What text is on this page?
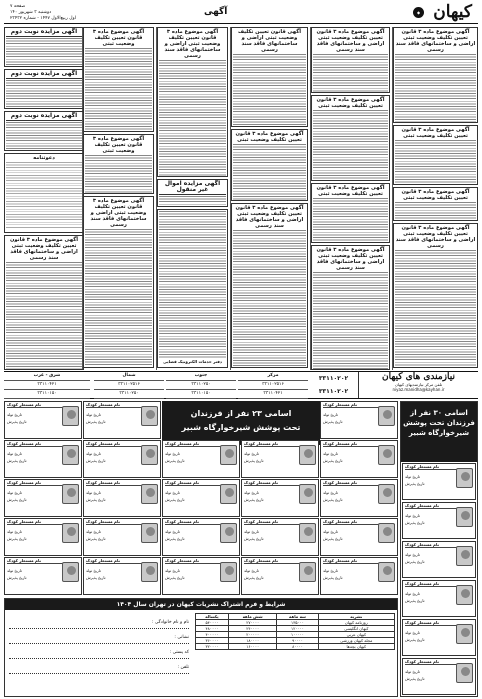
کیهان
◆
آگهی
صفحه ۷
دوشنبه ۳ شهریور ۱۴۰
اول ربیع‌الاول ۱۴۴۷ - شماره ۲۳۴۳۲
آگهی موضوع ماده ۳ قانون تعیین تکلیف وضعیت ثبتی اراضی و ساختمانهای فاقد سند رسمی
آگهی موضوع ماده ۳ قانون تعیین تکلیف وضعیت ثبتی
آگهی موضوع ماده ۳ قانون تعیین تکلیف وضعیت ثبتی
آگهی موضوع ماده ۳ قانون تعیین تکلیف وضعیت ثبتی اراضی و ساختمانهای فاقد سند رسمی
آگهی موضوع ماده ۳ قانون تعیین تکلیف وضعیت ثبتی اراضی و ساختمانهای فاقد سند رسمی
آگهی موضوع ماده ۳ قانون تعیین تکلیف وضعیت ثبتی
آگهی موضوع ماده ۳ قانون تعیین تکلیف وضعیت ثبتی
آگهی موضوع ماده ۳ قانون تعیین تکلیف وضعیت ثبتی اراضی و ساختمانهای فاقد سند رسمی
آگهی قانون تعیین تکلیف وضعیت ثبتی اراضی و ساختمانهای فاقد سند رسمی
آگهی موضوع ماده ۳ قانون تعیین تکلیف وضعیت ثبتی
آگهی موضوع ماده ۳ قانون تعیین تکلیف وضعیت ثبتی اراضی و ساختمانهای فاقد سند رسمی
آگهی موضوع ماده ۳ قانون تعیین تکلیف وضعیت ثبتی اراضی و ساختمانهای فاقد سند رسمی
آگهی مزایده اموال غیر منقول
دفتر خدمات الکترونیک قضایی
آگهی موضوع ماده ۳ قانون تعیین تکلیف وضعیت ثبتی
آگهی موضوع ماده ۳ قانون تعیین تکلیف وضعیت ثبتی
آگهی موضوع ماده ۳ قانون تعیین تکلیف وضعیت ثبتی اراضی و ساختمانهای فاقد سند رسمی
آگهی مزایده نوبت دوم
آگهی مزایده نوبت دوم
آگهی مزایده نوبت دوم
دعوتنامه
آگهی موضوع ماده ۳ قانون تعیین تکلیف وضعیت ثبتی اراضی و ساختمانهای فاقد سند رسمی
نیازمندی های کیهان
تلفن مرکز نیازمندیهای کیهان
niyaz.manidha@kayhan.ir
۳۳۱۱۰۲۰۲
۳۳۱۱۰۲۰۲
مرکز
۳۳۱۱۰۲۵۱۶
۳۳۱۱۰۴۲۱
جنوب
۳۳۱۱۰۲۵۰
۳۳۱۱۰۱۵۰
شمال
۳۳۱۱۰۲۵۱۶
۳۳۱۱۰۲۵۰
شرق - غرب
۳۳۱۱۰۴۲۱
۳۳۱۱۰۱۵۰
اسامی ۳۰ نفر از
فرزندان تحت پوشش شیرخوارگاه شبیر
نام مستعار کودک
تاریخ تولد
تاریخ پذیرش
نام مستعار کودک
تاریخ تولد
تاریخ پذیرش
نام مستعار کودک
تاریخ تولد
تاریخ پذیرش
نام مستعار کودک
تاریخ تولد
تاریخ پذیرش
نام مستعار کودک
تاریخ تولد
تاریخ پذیرش
نام مستعار کودک
تاریخ تولد
تاریخ پذیرش
اسامی ۲۳ نفر از فرزندان
تحت پوشش شیرخوارگاه شبیر
نام مستعار کودک
تاریخ تولد
تاریخ پذیرش
نام مستعار کودک
تاریخ تولد
تاریخ پذیرش
نام مستعار کودک
تاریخ تولد
تاریخ پذیرش
نام مستعار کودک
تاریخ تولد
تاریخ پذیرش
نام مستعار کودک
تاریخ تولد
تاریخ پذیرش
نام مستعار کودک
تاریخ تولد
تاریخ پذیرش
نام مستعار کودک
تاریخ تولد
تاریخ پذیرش
نام مستعار کودک
تاریخ تولد
تاریخ پذیرش
نام مستعار کودک
تاریخ تولد
تاریخ پذیرش
نام مستعار کودک
تاریخ تولد
تاریخ پذیرش
نام مستعار کودک
تاریخ تولد
تاریخ پذیرش
نام مستعار کودک
تاریخ تولد
تاریخ پذیرش
نام مستعار کودک
تاریخ تولد
تاریخ پذیرش
نام مستعار کودک
تاریخ تولد
تاریخ پذیرش
نام مستعار کودک
تاریخ تولد
تاریخ پذیرش
نام مستعار کودک
تاریخ تولد
تاریخ پذیرش
نام مستعار کودک
تاریخ تولد
تاریخ پذیرش
نام مستعار کودک
تاریخ تولد
تاریخ پذیرش
نام مستعار کودک
تاریخ تولد
تاریخ پذیرش
نام مستعار کودک
تاریخ تولد
تاریخ پذیرش
نام مستعار کودک
تاریخ تولد
تاریخ پذیرش
نام مستعار کودک
تاریخ تولد
تاریخ پذیرش
نام مستعار کودک
تاریخ تولد
تاریخ پذیرش
شرایط و فرم اشتراک نشریات کیهان در تهران سال ۱۴۰۴
نشریه	سه ماهه	شش ماهه	یکساله
روزنامه کیهان	۱۳۵۰۰۰	۲۷۰۰۰۰	۵۴۰۰۰۰
کیهان انگلیسی	۱۲۰۰۰۰	۲۴۰۰۰۰	۴۸۰۰۰۰
کیهان عربی	۱۰۰۰۰۰	۲۰۰۰۰۰	۴۰۰۰۰۰
مجله کیهان ورزشی	۹۰۰۰۰	۱۸۰۰۰۰	۳۶۰۰۰۰
کیهان بچه‌ها	۸۰۰۰۰	۱۶۰۰۰۰	۳۲۰۰۰۰
نام و نام خانوادگی :
نشانی :
کد پستی :
تلفن :
